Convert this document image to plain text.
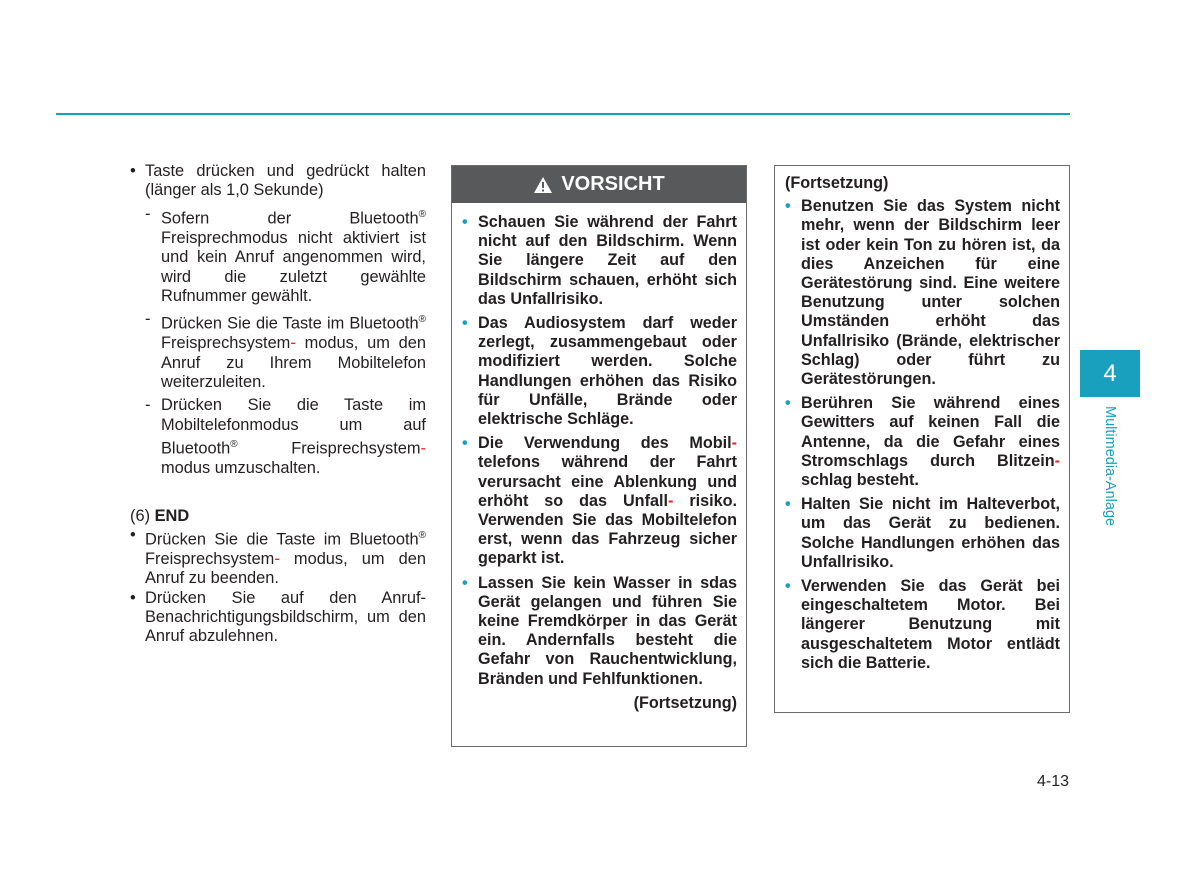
• Taste drücken und gedrückt halten (länger als 1,0 Sekunde)
- Sofern der Bluetooth® Freisprechmodus nicht aktiviert ist und kein Anruf angenommen wird, wird die zuletzt gewählte Rufnummer gewählt.
- Drücken Sie die Taste im Bluetooth® Freisprechsystem- modus, um den Anruf zu Ihrem Mobiltelefon weiterzuleiten.
- Drücken Sie die Taste im Mobiltelefonmodus um auf Bluetooth® Freisprechsystem- modus umzuschalten.
(6) END
• Drücken Sie die Taste im Bluetooth® Freisprechsystem- modus, um den Anruf zu beenden.
• Drücken Sie auf den Anruf-Benachrichtigungsbildschirm, um den Anruf abzulehnen.
VORSICHT
• Schauen Sie während der Fahrt nicht auf den Bildschirm. Wenn Sie längere Zeit auf den Bildschirm schauen, erhöht sich das Unfallrisiko.
• Das Audiosystem darf weder zerlegt, zusammengebaut oder modifiziert werden. Solche Handlungen erhöhen das Risiko für Unfälle, Brände oder elektrische Schläge.
• Die Verwendung des Mobil- telefons während der Fahrt verursacht eine Ablenkung und erhöht so das Unfall- risiko. Verwenden Sie das Mobiltelefon erst, wenn das Fahrzeug sicher geparkt ist.
• Lassen Sie kein Wasser in sdas Gerät gelangen und führen Sie keine Fremdkörper in das Gerät ein. Andernfalls besteht die Gefahr von Rauchentwicklung, Bränden und Fehlfunktionen.
(Fortsetzung)
(Fortsetzung)
• Benutzen Sie das System nicht mehr, wenn der Bildschirm leer ist oder kein Ton zu hören ist, da dies Anzeichen für eine Gerätestörung sind. Eine weitere Benutzung unter solchen Umständen erhöht das Unfallrisiko (Brände, elektrischer Schlag) oder führt zu Gerätestörungen.
• Berühren Sie während eines Gewitters auf keinen Fall die Antenne, da die Gefahr eines Stromschlags durch Blitzein- schlag besteht.
• Halten Sie nicht im Halteverbot, um das Gerät zu bedienen. Solche Handlungen erhöhen das Unfallrisiko.
• Verwenden Sie das Gerät bei eingeschaltetem Motor. Bei längerer Benutzung mit ausgeschaltetem Motor entlädt sich die Batterie.
4
Multimedia-Anlage
4-13
